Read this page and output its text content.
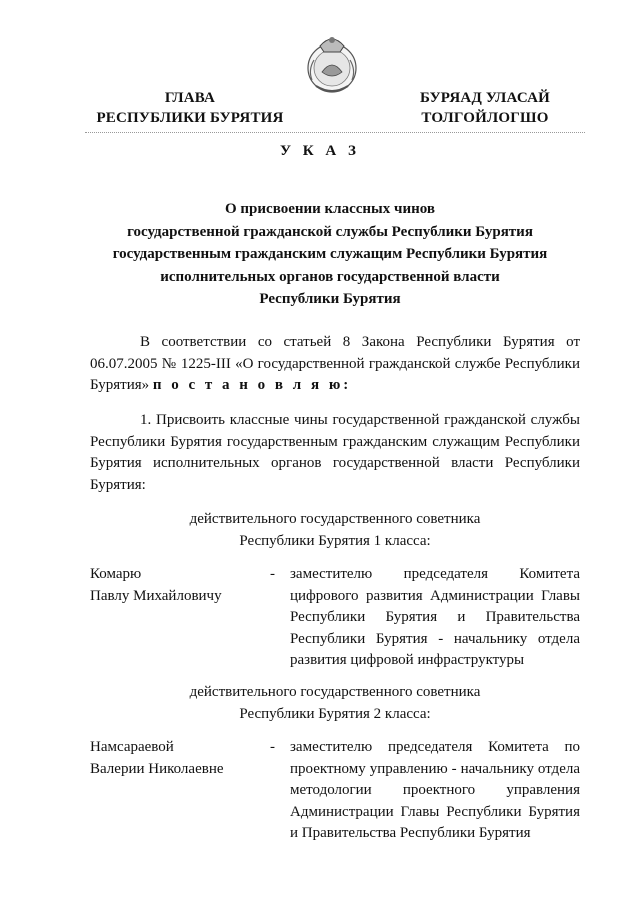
ГЛАВА
РЕСПУБЛИКИ БУРЯТИЯ
БУРЯАД УЛАСАЙ
ТОЛГОЙЛОГШО
У К А З
О присвоении классных чинов
государственной гражданской службы Республики Бурятия
государственным гражданским служащим Республики Бурятия
исполнительных органов государственной власти
Республики Бурятия
В соответствии со статьей 8 Закона Республики Бурятия от 06.07.2005 № 1225-III «О государственной гражданской службе Республики Бурятия» п о с т а н о в л я ю:
1. Присвоить классные чины государственной гражданской службы Республики Бурятия государственным гражданским служащим Республики Бурятия исполнительных органов государственной власти Республики Бурятия:
действительного государственного советника
Республики Бурятия 1 класса:
Комарю
Павлу Михайловичу
-	заместителю председателя Комитета цифрового развития Администрации Главы Республики Бурятия и Правительства Республики Бурятия - начальнику отдела развития цифровой инфраструктуры
действительного государственного советника
Республики Бурятия 2 класса:
Намсараевой
Валерии Николаевне
-	заместителю председателя Комитета по проектному управлению - начальнику отдела методологии проектного управления Администрации Главы Республики Бурятия и Правительства Республики Бурятия
